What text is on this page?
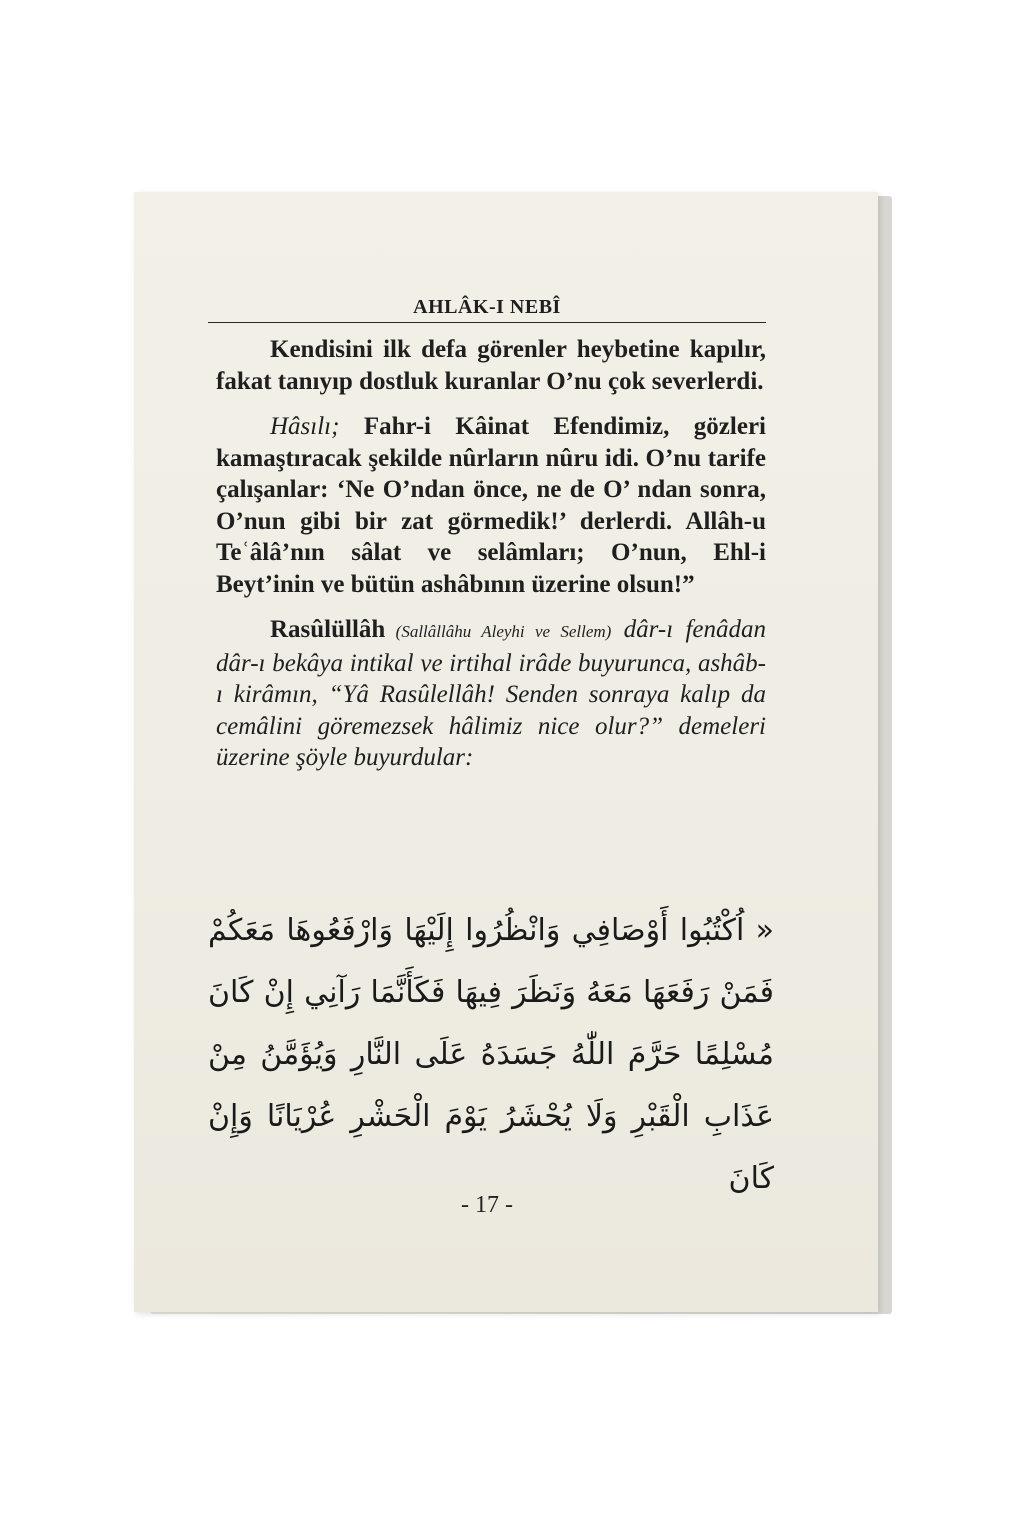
AHLÂK-I NEBÎ

Kendisini ilk defa görenler heybetine kapılır, fakat tanıyıp dostluk kuranlar O’nu çok severlerdi.

Hâsılı; Fahr-i Kâinat Efendimiz, gözleri kamaştıracak şekilde nûrların nûru idi. O’nu tarife çalışanlar: ‘Ne O’ndan önce, ne de O’ ndan sonra, O’nun gibi bir zat görmedik!’ derlerdi. Allâh-u Teʿâlâ’nın sâlat ve selâmları; O’nun, Ehl-i Beyt’inin ve bütün ashâbının üzerine olsun!”

Rasûlüllâh (Sallâllâhu Aleyhi ve Sellem) dâr-ı fenâdan dâr-ı bekâya intikal ve irtihal irâde buyurunca, ashâb-ı kirâmın, “Yâ Rasûlellâh! Senden sonraya kalıp da cemâlini göremezsek hâlimiz nice olur?” demeleri üzerine şöyle buyurdular:

« اُكْتُبُوا أَوْصَافِي وَانْظُرُوا إِلَيْهَا وَارْفَعُوهَا مَعَكُمْ
فَمَنْ رَفَعَهَا مَعَهُ وَنَظَرَ فِيهَا فَكَأَنَّمَا رَآنِي إِنْ كَانَ
مُسْلِمًا حَرَّمَ اللّٰهُ جَسَدَهُ عَلَى النَّارِ وَيُؤَمَّنُ مِنْ
عَذَابِ الْقَبْرِ وَلَا يُحْشَرُ يَوْمَ الْحَشْرِ عُرْيَانًا وَإِنْ كَانَ
- 17 -
